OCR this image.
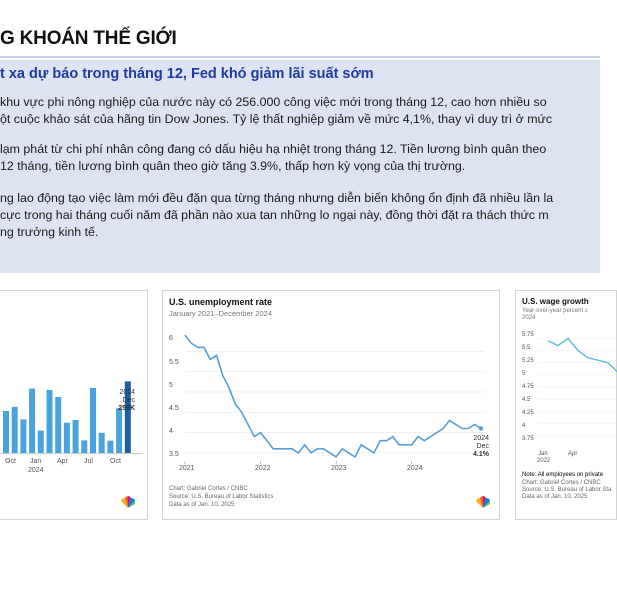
G KHOÁN THẾ GIỚI
t xa dự báo trong tháng 12, Fed khó giảm lãi suất sớm
khu vực phi nông nghiệp của nước này có 256.000 công việc mới trong tháng 12, cao hơn nhiều so
ột cuộc khảo sát của hãng tin Dow Jones. Tỷ lệ thất nghiệp giảm về mức 4,1%, thay vì duy trì ở mức
lạm phát từ chi phí nhân công đang có dấu hiệu hạ nhiệt trong tháng 12. Tiền lương bình quân theo
12 tháng, tiền lương bình quân theo giờ tăng 3.9%, thấp hơn kỳ vọng của thị trường.
ng lao động tạo việc làm mới đều đặn qua từng tháng nhưng diễn biến không ổn định đã nhiều lần la
cực trong hai tháng cuối năm đã phần nào xua tan những lo ngại này, đồng thời đặt ra thách thức m
ng trưởng kinh tế.
2024
Dec
256K
Oct Jan Apr Jul Oct
2024
U.S. unemployment rate
January 2021–December 2024
6
5.5
5
4.5
4
3.5
2021	2022	2023	2024
2024
Dec
4.1%
Chart: Gabriel Cortes / CNBC
Source: U.S. Bureau of Labor Statistics
Data as of Jan. 10, 2025
U.S. wage growth
Year-over-year percent c
2024
5.75
5.5
5.25
5
4.75
4.5
4.25
4
3.75
Jan
2022
Apr
Note: All employees on private
Chart: Gabriel Cortes / CNBC
Source: U.S. Bureau of Labor Sta
Data as of Jan. 10, 2025
